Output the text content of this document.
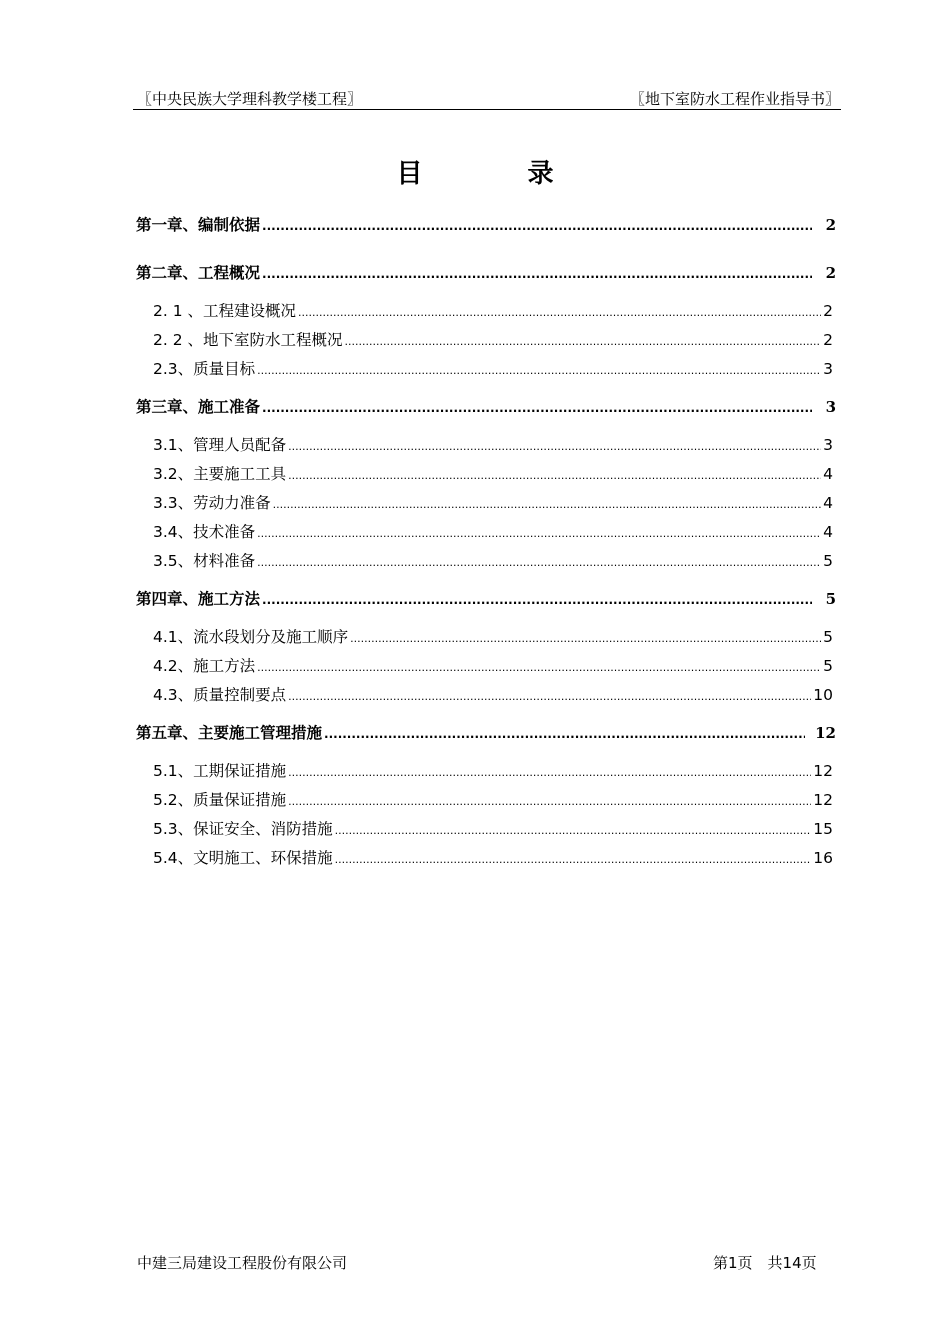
〖中央民族大学理科教学楼工程〗	〖地下室防水工程作业指导书〗
目 录
第一章、编制依据 .....	2
第二章、工程概况 .....	2
2. 1 、工程建设概况 .....	2
2. 2 、地下室防水工程概况 .....	2
2.3、质量目标 .....	3
第三章、施工准备 .....	3
3.1、管理人员配备 .....	3
3.2、主要施工工具 .....	4
3.3、劳动力准备 .....	4
3.4、技术准备 .....	4
3.5、材料准备 .....	5
第四章、施工方法 .....	5
4.1、流水段划分及施工顺序 .....	5
4.2、施工方法 .....	5
4.3、质量控制要点 .....	10
第五章、主要施工管理措施 .....	12
5.1、工期保证措施 .....	12
5.2、质量保证措施 .....	12
5.3、保证安全、消防措施 .....	15
5.4、文明施工、环保措施 .....	16
中建三局建设工程股份有限公司	第1页　共14页
